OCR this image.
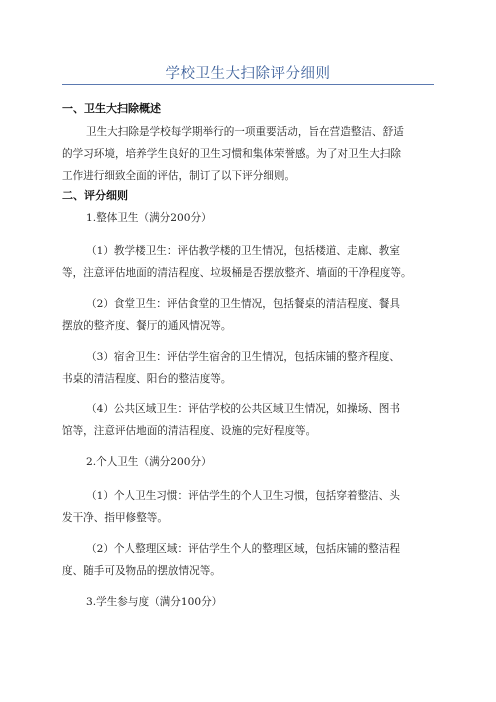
学校卫生大扫除评分细则
一、卫生大扫除概述
卫生大扫除是学校每学期举行的一项重要活动，旨在营造整洁、舒适
的学习环境，培养学生良好的卫生习惯和集体荣誉感。为了对卫生大扫除
工作进行细致全面的评估，制订了以下评分细则。
二、评分细则
1.整体卫生（满分200分）
（1）教学楼卫生：评估教学楼的卫生情况，包括楼道、走廊、教室
等，注意评估地面的清洁程度、垃圾桶是否摆放整齐、墙面的干净程度等。
（2）食堂卫生：评估食堂的卫生情况，包括餐桌的清洁程度、餐具
摆放的整齐度、餐厅的通风情况等。
（3）宿舍卫生：评估学生宿舍的卫生情况，包括床铺的整齐程度、
书桌的清洁程度、阳台的整洁度等。
（4）公共区域卫生：评估学校的公共区域卫生情况，如操场、图书
馆等，注意评估地面的清洁程度、设施的完好程度等。
2.个人卫生（满分200分）
（1）个人卫生习惯：评估学生的个人卫生习惯，包括穿着整洁、头
发干净、指甲修整等。
（2）个人整理区域：评估学生个人的整理区域，包括床铺的整洁程
度、随手可及物品的摆放情况等。
3.学生参与度（满分100分）
